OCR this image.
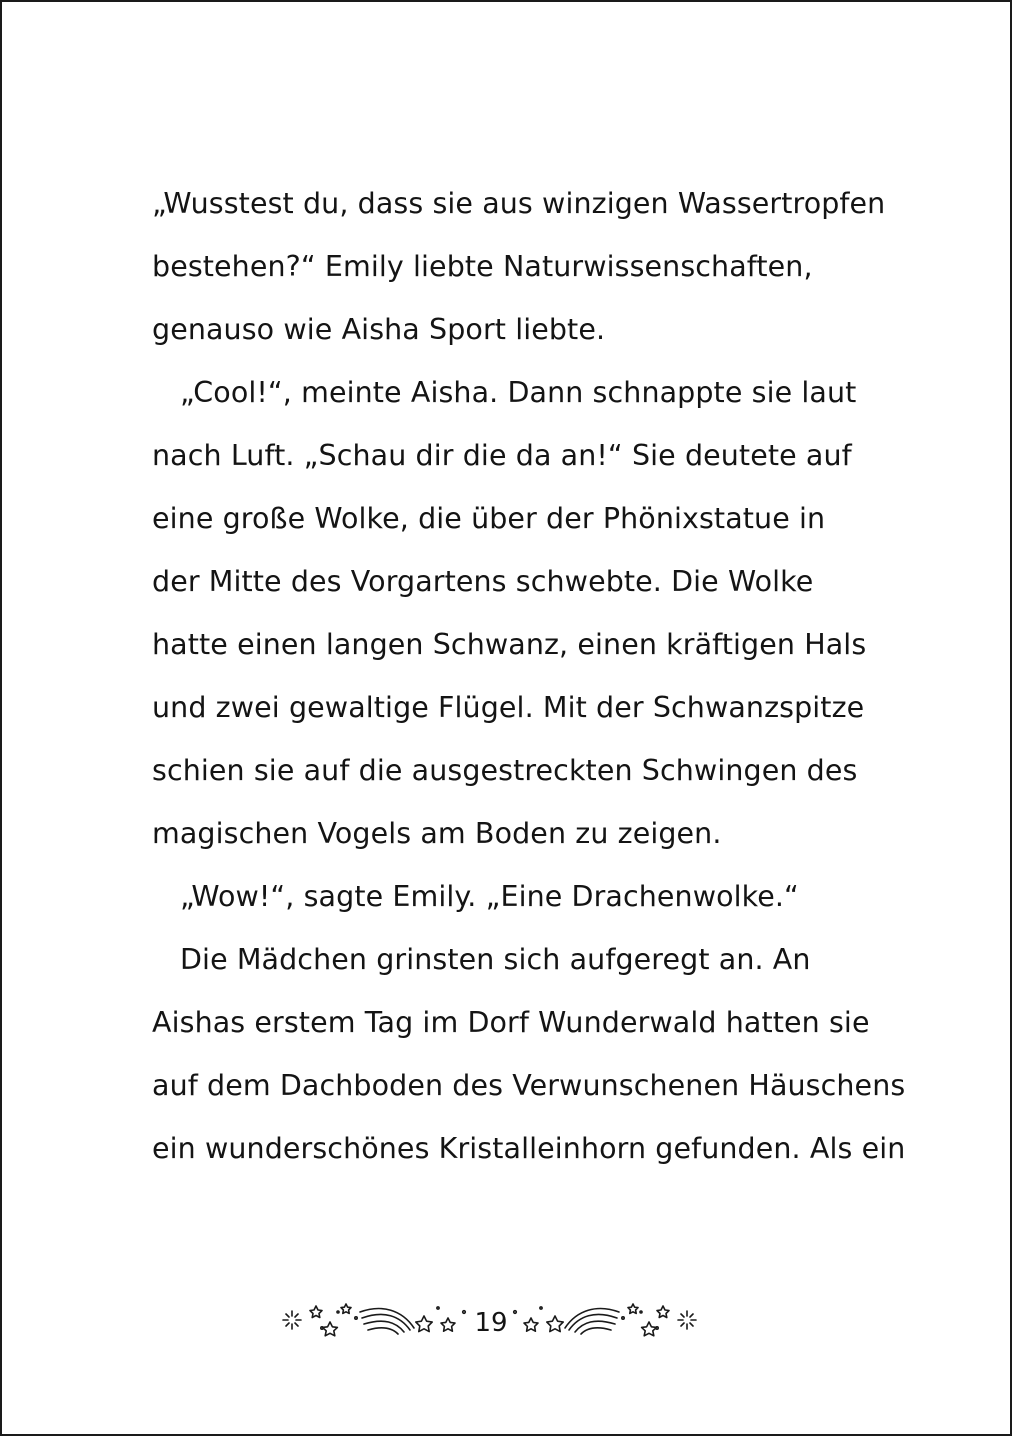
„Wusstest du, dass sie aus winzigen Wassertropfen
bestehen?“ Emily liebte Naturwissenschaften,
genauso wie Aisha Sport liebte.
„Cool!“, meinte Aisha. Dann schnappte sie laut
nach Luft. „Schau dir die da an!“ Sie deutete auf
eine große Wolke, die über der Phönixstatue in
der Mitte des Vorgartens schwebte. Die Wolke
hatte einen langen Schwanz, einen kräftigen Hals
und zwei gewaltige Flügel. Mit der Schwanzspitze
schien sie auf die ausgestreckten Schwingen des
magischen Vogels am Boden zu zeigen.
„Wow!“, sagte Emily. „Eine Drachenwolke.“
Die Mädchen grinsten sich aufgeregt an. An
Aishas erstem Tag im Dorf Wunderwald hatten sie
auf dem Dachboden des Verwunschenen Häuschens
ein wunderschönes Kristalleinhorn gefunden. Als ein
19
